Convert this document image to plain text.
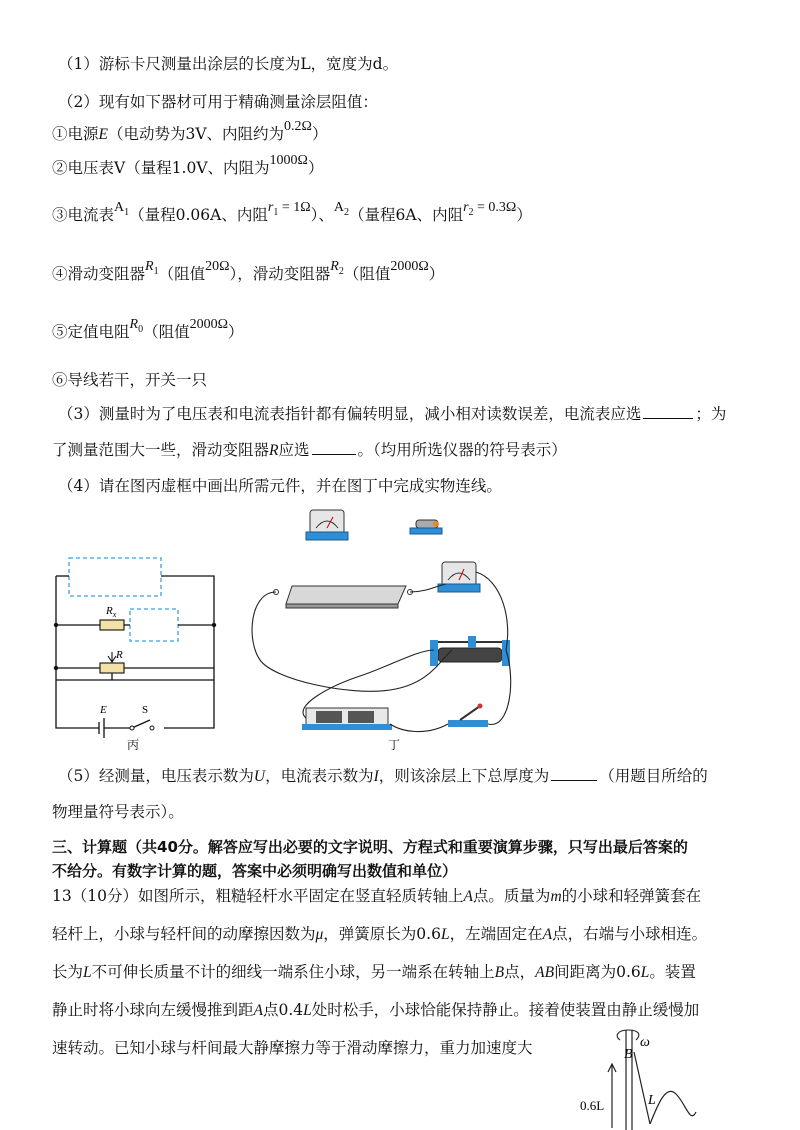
（1）游标卡尺测量出涂层的长度为L，宽度为d。
（2）现有如下器材可用于精确测量涂层阻值：
①电源E（电动势为3V、内阻约为0.2Ω）
②电压表V（量程1.0V、内阻为1000Ω）
③电流表$A_1$（量程0.06A、内阻$r_1 = 1\Omega$）、$A_2$（量程6A、内阻$r_2 = 0.3\Omega$）
④滑动变阻器$R_1$（阻值20Ω），滑动变阻器$R_2$（阻值2000Ω）
⑤定值电阻$R_0$（阻值2000Ω）
⑥导线若干，开关一只
（3）测量时为了电压表和电流表指针都有偏转明显，减小相对读数误差，电流表应选	；为
了测量范围大一些，滑动变阻器R应选	。（均用所选仪器的符号表示）
（4）请在图丙虚框中画出所需元件，并在图丁中完成实物连线。
$R_x$
R
E	S
丙	丁
（5）经测量，电压表示数为U，电流表示数为I，则该涂层上下总厚度为	（用题目所给的
物理量符号表示）。
三、计算题（共40分。解答应写出必要的文字说明、方程式和重要演算步骤，只写出最后答案的
不给分。有数字计算的题，答案中必须明确写出数值和单位）
13（10分）如图所示，粗糙轻杆水平固定在竖直轻质转轴上A点。质量为m的小球和轻弹簧套在
轻杆上，小球与轻杆间的动摩擦因数为μ，弹簧原长为0.6L，左端固定在A点，右端与小球相连。
长为L不可伸长质量不计的细线一端系住小球，另一端系在转轴上B点，AB间距离为0.6L。装置
静止时将小球向左缓慢推到距A点0.4L处时松手，小球恰能保持静止。接着使装置由静止缓慢加
速转动。已知小球与杆间最大静摩擦力等于滑动摩擦力，重力加速度大	ω
B
L
0.6L
